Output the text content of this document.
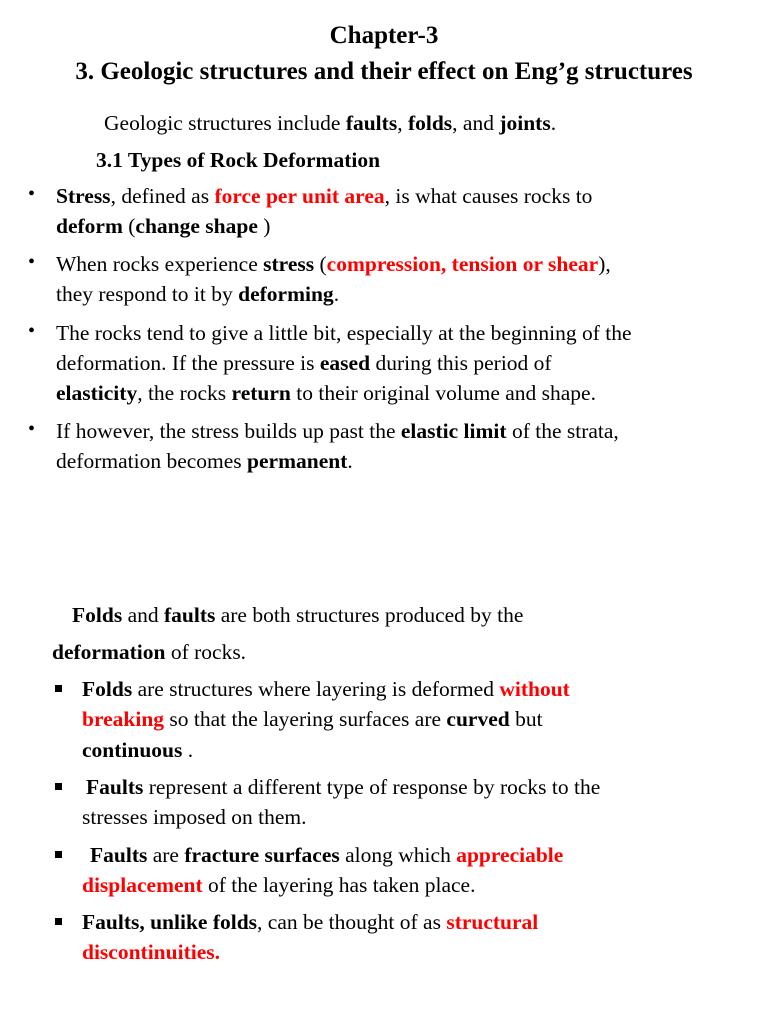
Chapter-3
3. Geologic structures and their effect on Eng’g structures
Geologic structures include faults, folds, and joints.
3.1 Types of Rock Deformation
• Stress, defined as force per unit area, is what causes rocks to
deform (change shape )
• When rocks experience stress (compression, tension or shear),
they respond to it by deforming.
• The rocks tend to give a little bit, especially at the beginning of the
deformation. If the pressure is eased during this period of
elasticity, the rocks return to their original volume and shape.
• If however, the stress builds up past the elastic limit of the strata,
deformation becomes permanent.
Folds and faults are both structures produced by the
deformation of rocks.
Folds are structures where layering is deformed without
breaking so that the layering surfaces are curved but
continuous .
Faults represent a different type of response by rocks to the
stresses imposed on them.
Faults are fracture surfaces along which appreciable
displacement of the layering has taken place.
Faults, unlike folds, can be thought of as structural
discontinuities.
